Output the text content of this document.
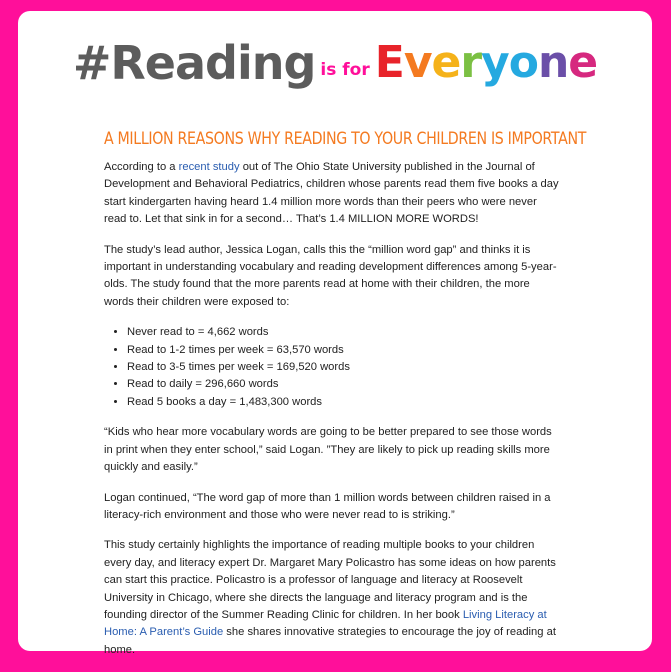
#Reading is for Everyone
A MILLION REASONS WHY READING TO YOUR CHILDREN IS IMPORTANT

According to a recent study out of The Ohio State University published in the Journal of Development and Behavioral Pediatrics, children whose parents read them five books a day start kindergarten having heard 1.4 million more words than their peers who were never read to. Let that sink in for a second… That’s 1.4 MILLION MORE WORDS!

The study’s lead author, Jessica Logan, calls this the “million word gap” and thinks it is important in understanding vocabulary and reading development differences among 5-year-olds. The study found that the more parents read at home with their children, the more words their children were exposed to:

• Never read to = 4,662 words
• Read to 1-2 times per week = 63,570 words
• Read to 3-5 times per week = 169,520 words
• Read to daily = 296,660 words
• Read 5 books a day = 1,483,300 words

“Kids who hear more vocabulary words are going to be better prepared to see those words in print when they enter school,” said Logan. ”They are likely to pick up reading skills more quickly and easily.”

Logan continued, “The word gap of more than 1 million words between children raised in a literacy-rich environment and those who were never read to is striking.”

This study certainly highlights the importance of reading multiple books to your children every day, and literacy expert Dr. Margaret Mary Policastro has some ideas on how parents can start this practice. Policastro is a professor of language and literacy at Roosevelt University in Chicago, where she directs the language and literacy program and is the founding director of the Summer Reading Clinic for children. In her book Living Literacy at Home: A Parent’s Guide she shares innovative strategies to encourage the joy of reading at home.
